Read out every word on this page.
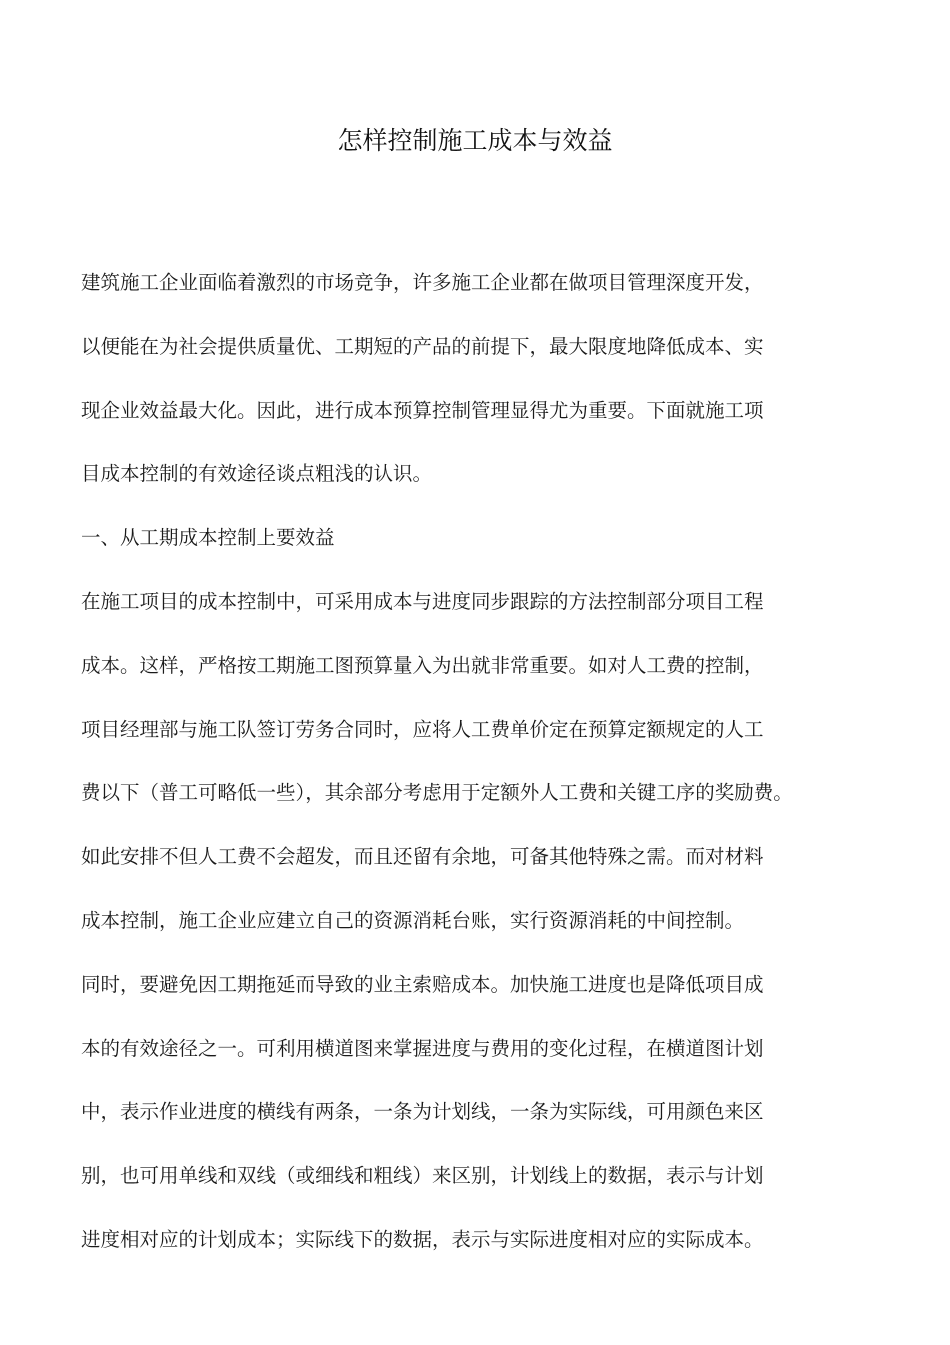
怎样控制施工成本与效益
建筑施工企业面临着激烈的市场竞争，许多施工企业都在做项目管理深度开发，
以便能在为社会提供质量优、工期短的产品的前提下，最大限度地降低成本、实
现企业效益最大化。因此，进行成本预算控制管理显得尤为重要。下面就施工项
目成本控制的有效途径谈点粗浅的认识。
一、从工期成本控制上要效益
在施工项目的成本控制中，可采用成本与进度同步跟踪的方法控制部分项目工程
成本。这样，严格按工期施工图预算量入为出就非常重要。如对人工费的控制，
项目经理部与施工队签订劳务合同时，应将人工费单价定在预算定额规定的人工
费以下（普工可略低一些），其余部分考虑用于定额外人工费和关键工序的奖励费。
如此安排不但人工费不会超发，而且还留有余地，可备其他特殊之需。而对材料
成本控制，施工企业应建立自己的资源消耗台账，实行资源消耗的中间控制。
同时，要避免因工期拖延而导致的业主索赔成本。加快施工进度也是降低项目成
本的有效途径之一。可利用横道图来掌握进度与费用的变化过程，在横道图计划
中，表示作业进度的横线有两条，一条为计划线，一条为实际线，可用颜色来区
别，也可用单线和双线（或细线和粗线）来区别，计划线上的数据，表示与计划
进度相对应的计划成本；实际线下的数据，表示与实际进度相对应的实际成本。
